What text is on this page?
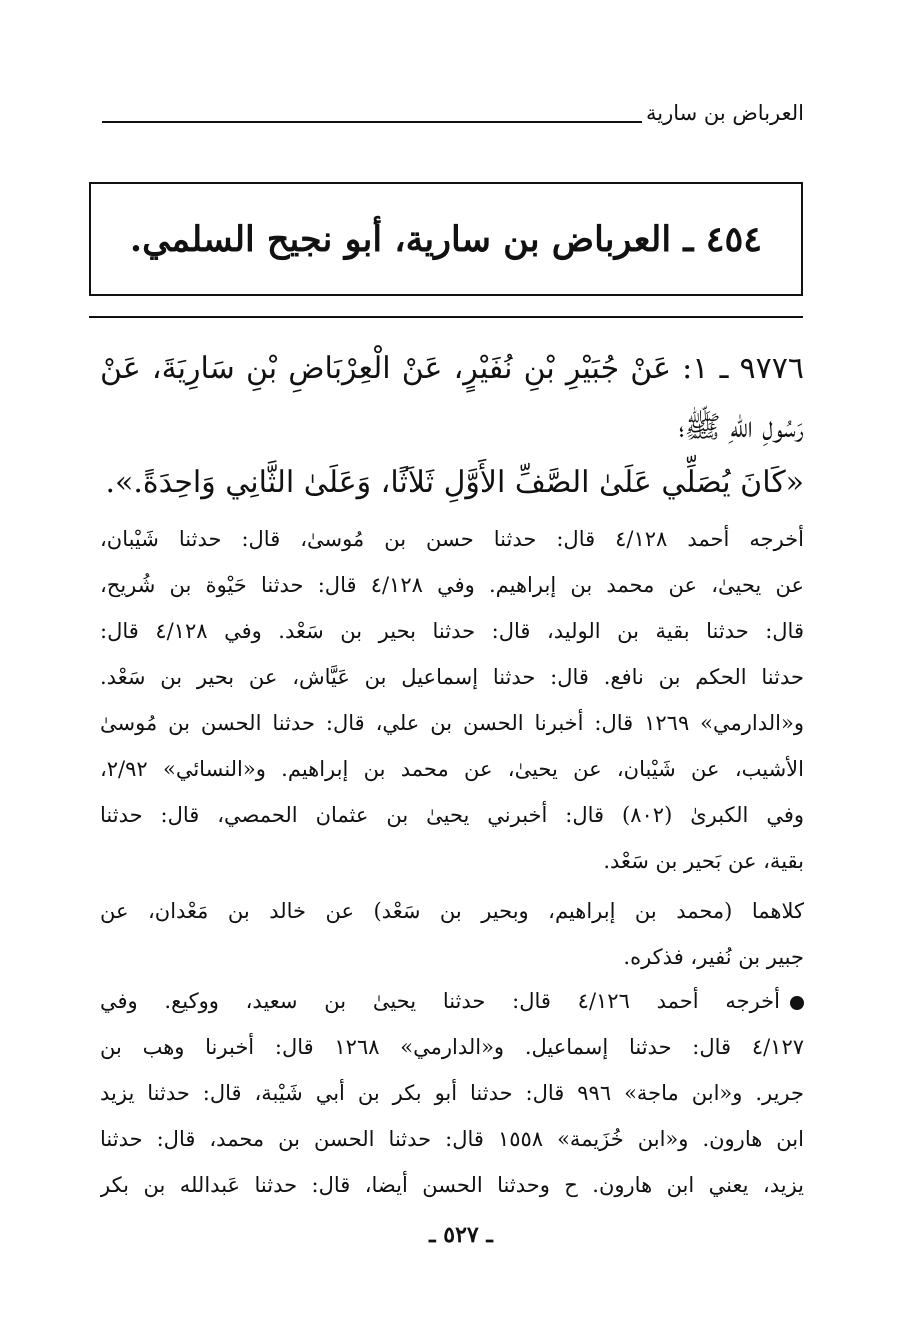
العرباض بن سارية
٤٥٤ ـ العرباض بن سارية، أبو نجيح السلمي.
٩٧٧٦ ـ ١: عَنْ جُبَيْرِ بْنِ نُفَيْرٍ، عَنْ الْعِرْبَاضِ بْنِ سَارِيَةَ، عَنْ
رَسُولِ اللّٰهِ ﷺ؛
«كَانَ يُصَلِّي عَلَىٰ الصَّفِّ الأَوَّلِ ثَلاَثًا، وَعَلَىٰ الثَّانِي وَاحِدَةً.».
أخرجه أحمد ٤/١٢٨ قال: حدثنا حسن بن مُوسىٰ، قال: حدثنا شَيْبان،
عن يحيىٰ، عن محمد بن إبراهيم. وفي ٤/١٢٨ قال: حدثنا حَيْوة بن شُريح،
قال: حدثنا بقية بن الوليد، قال: حدثنا بحير بن سَعْد. وفي ٤/١٢٨ قال:
حدثنا الحكم بن نافع. قال: حدثنا إسماعيل بن عَيَّاش، عن بحير بن سَعْد.
و«الدارمي» ١٢٦٩ قال: أخبرنا الحسن بن علي، قال: حدثنا الحسن بن مُوسىٰ
الأشيب، عن شَيْبان، عن يحيىٰ، عن محمد بن إبراهيم. و«النسائي» ٢/٩٢،
وفي الكبرىٰ (٨٠٢) قال: أخبرني يحيىٰ بن عثمان الحمصي، قال: حدثنا
بقية، عن بَحير بن سَعْد.
كلاهما (محمد بن إبراهيم، وبحير بن سَعْد) عن خالد بن مَعْدان، عن
جبير بن نُفير، فذكره.
أخرجه أحمد ٤/١٢٦ قال: حدثنا يحيىٰ بن سعيد، ووكيع. وفي
٤/١٢٧ قال: حدثنا إسماعيل. و«الدارمي» ١٢٦٨ قال: أخبرنا وهب بن
جرير. و«ابن ماجة» ٩٩٦ قال: حدثنا أبو بكر بن أبي شَيْبة، قال: حدثنا يزيد
ابن هارون. و«ابن خُزَيمة» ١٥٥٨ قال: حدثنا الحسن بن محمد، قال: حدثنا
يزيد، يعني ابن هارون. ح وحدثنا الحسن أيضا، قال: حدثنا عَبدالله بن بكر
ـ ٥٢٧ ـ
